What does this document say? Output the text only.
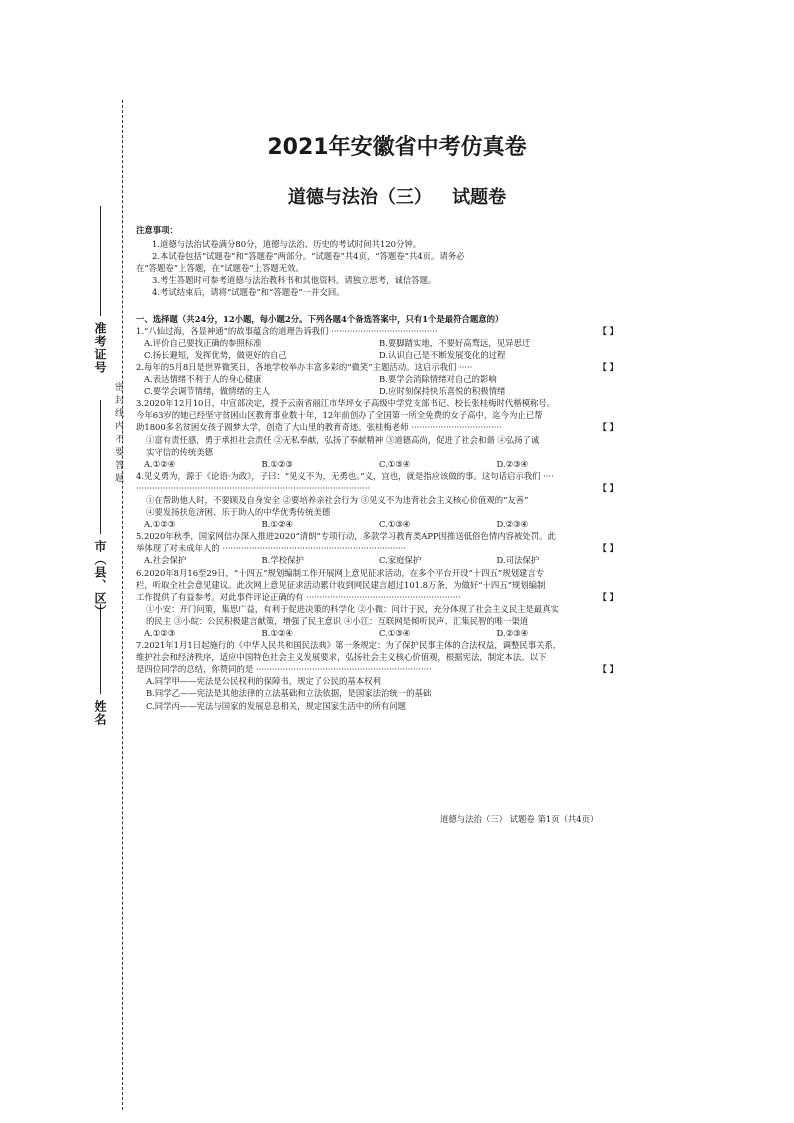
准考证号
市（县、区）
姓名
密封线内不要答题
2021年安徽省中考仿真卷
道德与法治（三） 试题卷

注意事项：

1.道德与法治试卷满分80分，道德与法治、历史的考试时间共120分钟。

2.本试卷包括“试题卷”和“答题卷”两部分。“试题卷”共4页，“答题卷”共4页。请务必

在“答题卷”上答题，在“试题卷”上答题无效。

3.考生答题时可参考道德与法治教科书和其他资料。请独立思考，诚信答题。

4.考试结束后，请将“试题卷”和“答题卷”一并交回。

一、选择题（共24分，12小题，每小题2分。下列各题4个备选答案中，只有1个是最符合题意的）

1.“八仙过海，各显神通”的故事蕴含的道理告诉我们 ········································	【 】

A.评价自己要找正确的参照标准	B.要脚踏实地，不要好高骛远，见异思迁
C.扬长避短，发挥优势，做更好的自己	D.认识自己是不断发展变化的过程

2.每年的5月8日是世界微笑日，各地学校举办丰富多彩的“微笑”主题活动。这启示我们 ·····	【 】

A.表达情绪不利于人的身心健康	B.要学会消除情绪对自己的影响
C.要学会调节情绪，做情绪的主人	D.应时刻保持快乐喜悦的积极情绪

3.2020年12月10日，中宣部决定，授予云南省丽江市华坪女子高级中学党支部书记、校长张桂梅时代楷模称号。

今年63岁的她已经坚守贫困山区教育事业数十年，12年前创办了全国第一所全免费的女子高中，迄今为止已帮

助1800多名贫困女孩子圆梦大学，创造了大山里的教育奇迹。张桂梅老师 ··································	【 】

①富有责任感，勇于承担社会责任 ②无私奉献，弘扬了奉献精神 ③道德高尚，促进了社会和谐 ④弘扬了诚

实守信的传统美德

A.①②④	B.①②③	C.①③④	D.②③④

4.见义勇为，源于《论语·为政》，子曰：“见义不为，无勇也。”义，宜也，就是指应该做的事。这句话启示我们 ····

························································································	【 】

①在帮助他人时，不要顾及自身安全 ②要培养亲社会行为 ③见义不为违背社会主义核心价值观的“友善”

④要发扬扶危济困、乐于助人的中华优秀传统美德

A.①②③	B.①②④	C.①③④	D.②③④

5.2020年秋季，国家网信办深入推进2020“清朗”专项行动，多款学习教育类APP因推送低俗色情内容被处罚。此

举体现了对未成年人的 ·····································································	【 】

A.社会保护	B.学校保护	C.家庭保护	D.司法保护

6.2020年8月16至29日，“十四五”规划编制工作开展网上意见征求活动，在多个平台开设“十四五”规划建言专

栏，听取全社会意见建议。此次网上意见征求活动累计收到网民建言超过101.8万条，为做好“十四五”规划编制

工作提供了有益参考。对此事件评论正确的有 ··························································	【 】

①小安：开门问策，集思广益，有利于促进决策的科学化 ②小微：问计于民，充分体现了社会主义民主是最真实

的民主 ③小皖：公民积极建言献策，增强了民主意识 ④小江：互联网是倾听民声、汇集民智的唯一渠道

A.①②③	B.①②④	C.①③④	D.②③④

7.2021年1月1日起施行的《中华人民共和国民法典》第一条规定：为了保护民事主体的合法权益，调整民事关系，

维护社会和经济秩序，适应中国特色社会主义发展要求，弘扬社会主义核心价值观，根据宪法，制定本法。以下

是四位同学的总结，你赞同的是 ··································································	【 】

A.同学甲——宪法是公民权利的保障书，规定了公民的基本权利

B.同学乙——宪法是其他法律的立法基础和立法依据，是国家法治统一的基础

C.同学丙——宪法与国家的发展息息相关，规定国家生活中的所有问题

道德与法治（三） 试题卷 第1页（共4页）
